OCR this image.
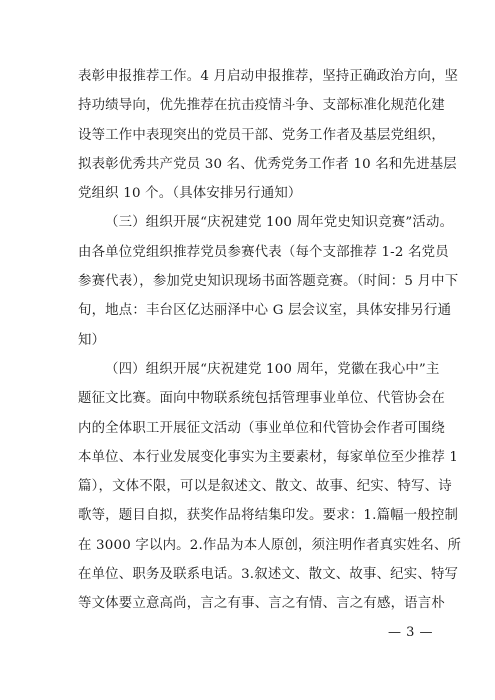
表彰申报推荐工作。4 月启动申报推荐，坚持正确政治方向，坚
持功绩导向，优先推荐在抗击疫情斗争、支部标准化规范化建
设等工作中表现突出的党员干部、党务工作者及基层党组织，
拟表彰优秀共产党员 30 名、优秀党务工作者 10 名和先进基层
党组织 10 个。（具体安排另行通知）
（三）组织开展“庆祝建党 100 周年党史知识竞赛”活动。
由各单位党组织推荐党员参赛代表（每个支部推荐 1-2 名党员
参赛代表），参加党史知识现场书面答题竞赛。（时间：5 月中下
旬，地点：丰台区亿达丽泽中心 G 层会议室，具体安排另行通
知）
（四）组织开展“庆祝建党 100 周年，党徽在我心中”主
题征文比赛。面向中物联系统包括管理事业单位、代管协会在
内的全体职工开展征文活动（事业单位和代管协会作者可围绕
本单位、本行业发展变化事实为主要素材，每家单位至少推荐 1
篇），文体不限，可以是叙述文、散文、故事、纪实、特写、诗
歌等，题目自拟，获奖作品将结集印发。要求：1.篇幅一般控制
在 3000 字以内。2.作品为本人原创，须注明作者真实姓名、所
在单位、职务及联系电话。3.叙述文、散文、故事、纪实、特写
等文体要立意高尚，言之有事、言之有情、言之有感，语言朴
— 3 —
